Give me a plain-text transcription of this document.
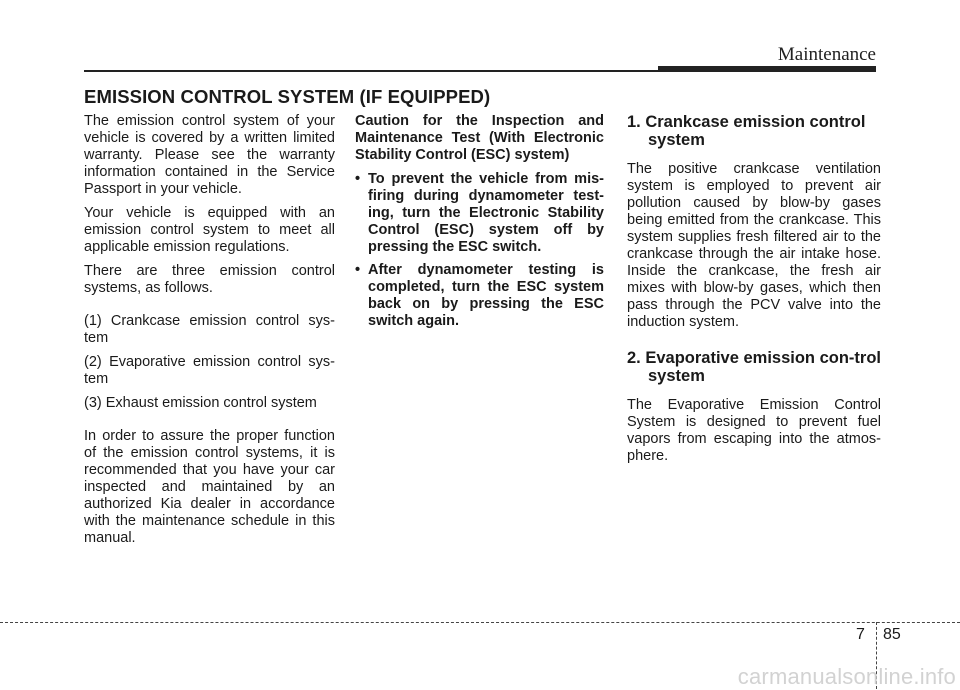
Maintenance
EMISSION CONTROL SYSTEM (IF EQUIPPED)

The emission control system of your vehicle is covered by a written limited warranty. Please see the warranty information contained in the Service Passport in your vehicle.

Your vehicle is equipped with an emission control system to meet all applicable emission regulations.

There are three emission control systems, as follows.

(1) Crankcase emission control sys-tem

(2) Evaporative emission control sys-tem

(3) Exhaust emission control system

In order to assure the proper function of the emission control systems, it is recommended that you have your car inspected and maintained by an authorized Kia dealer in accordance with the maintenance schedule in this manual.

Caution for the Inspection and Maintenance Test (With Electronic Stability Control (ESC) system)

• To prevent the vehicle from mis-firing during dynamometer test-ing, turn the Electronic Stability Control (ESC) system off by pressing the ESC switch.
• After dynamometer testing is completed, turn the ESC system back on by pressing the ESC switch again.
1. Crankcase emission control system

The positive crankcase ventilation system is employed to prevent air pollution caused by blow-by gases being emitted from the crankcase. This system supplies fresh filtered air to the crankcase through the air intake hose. Inside the crankcase, the fresh air mixes with blow-by gases, which then pass through the PCV valve into the induction system.

2. Evaporative emission con-trol system

The Evaporative Emission Control System is designed to prevent fuel vapors from escaping into the atmos-phere.

7 85
carmanualsonline.info
